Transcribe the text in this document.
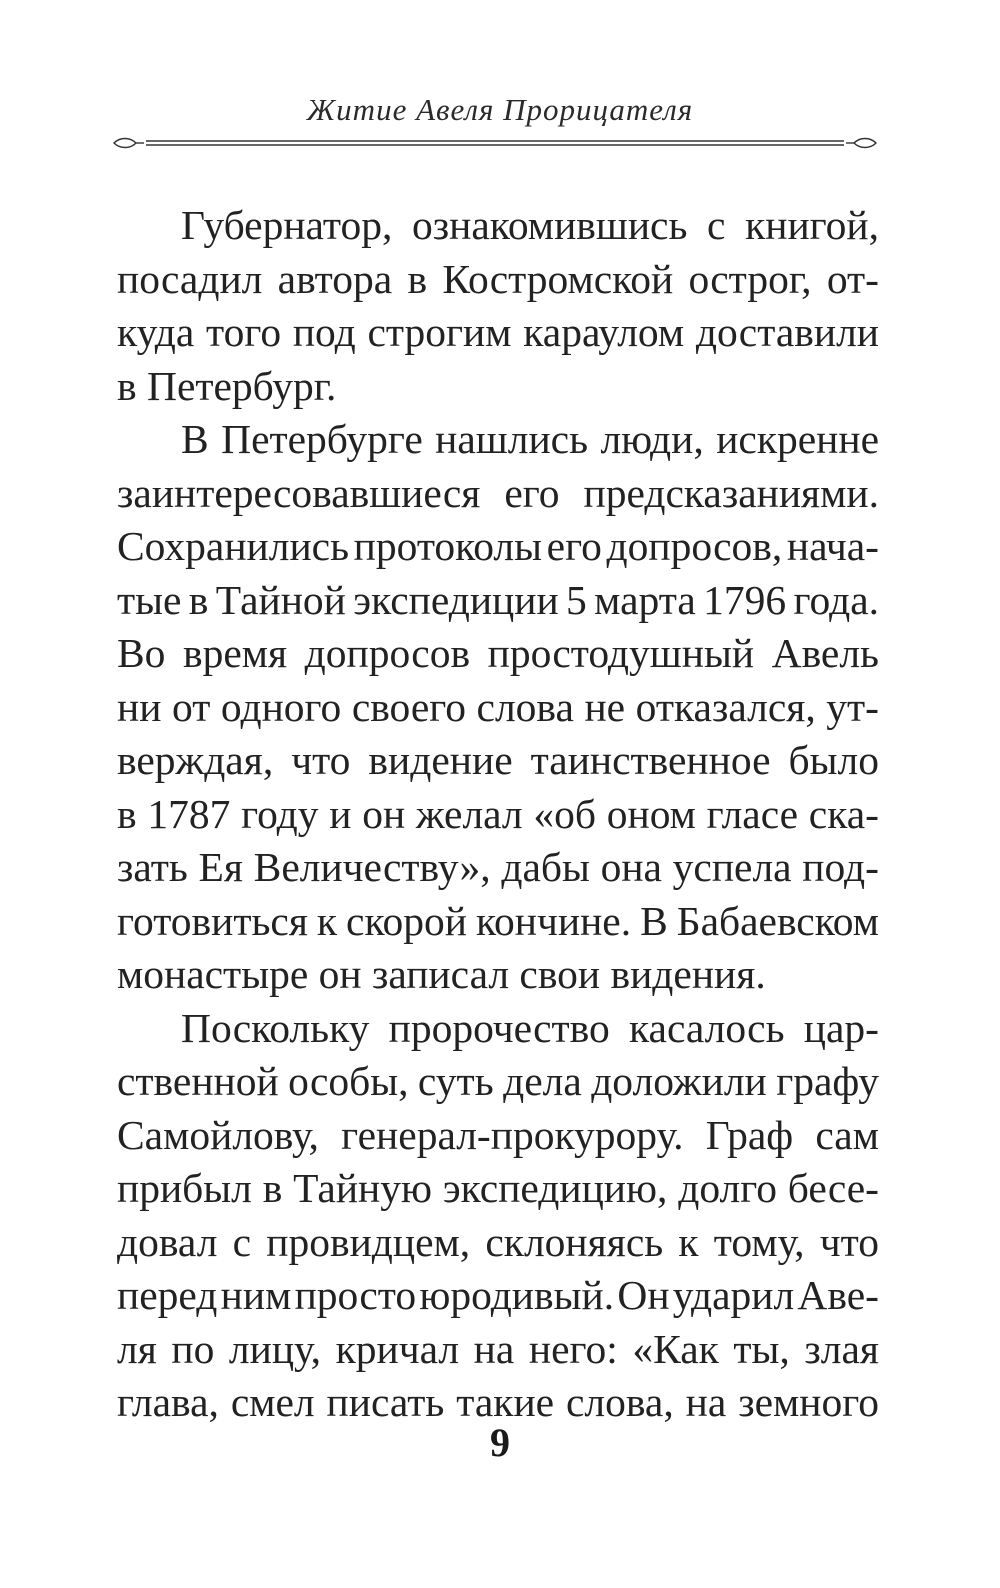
Житие Авеля Прорицателя
Губернатор, ознакомившись с книгой,
посадил автора в Костромской острог, от-
куда того под строгим караулом доставили
в Петербург.
В Петербурге нашлись люди, искренне
заинтересовавшиеся его предсказаниями.
Сохранились протоколы его допросов, нача-
тые в Тайной экспедиции 5 марта 1796 года.
Во время допросов простодушный Авель
ни от одного своего слова не отказался, ут-
верждая, что видение таинственное было
в 1787 году и он желал «об оном гласе ска-
зать Ея Величеству», дабы она успела под-
готовиться к скорой кончине. В Бабаевском
монастыре он записал свои видения.
Поскольку пророчество касалось цар-
ственной особы, суть дела доложили графу
Самойлову, генерал-прокурору. Граф сам
прибыл в Тайную экспедицию, долго бесе-
довал с провидцем, склоняясь к тому, что
перед ним просто юродивый. Он ударил Аве-
ля по лицу, кричал на него: «Как ты, злая
глава, смел писать такие слова, на земного
9
